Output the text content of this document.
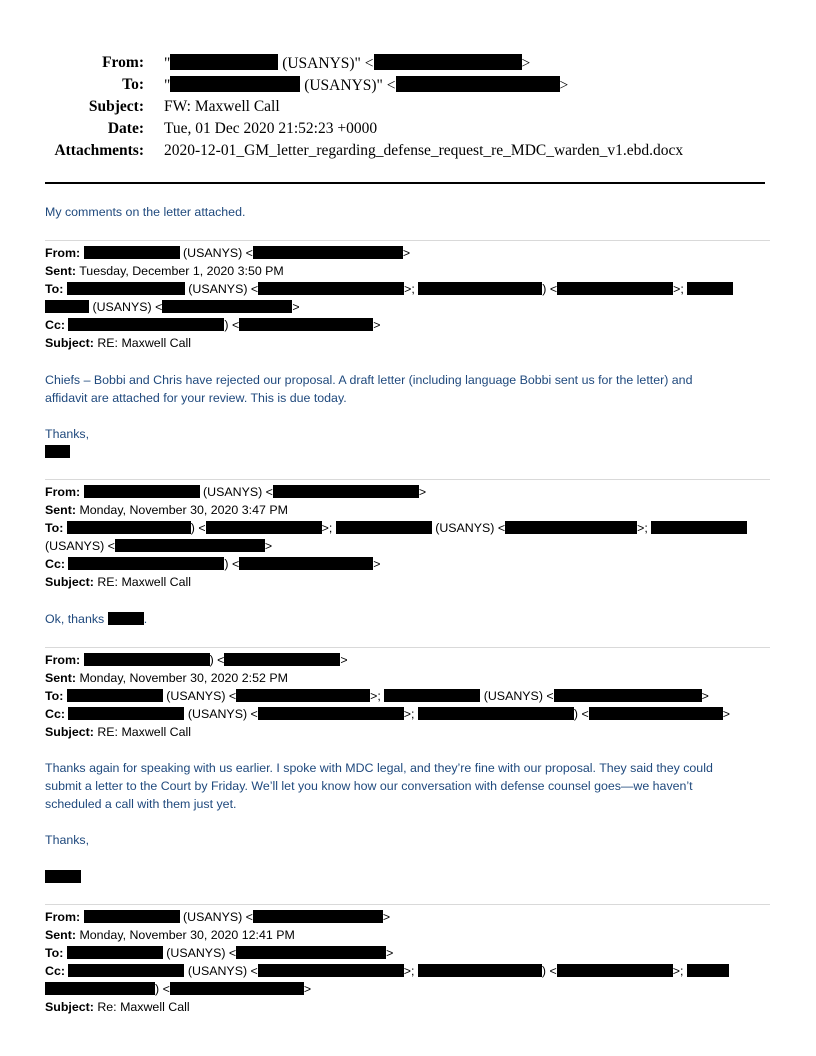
From: "	(USANYS)" <	>
To: "	(USANYS)" <	>
Subject: FW: Maxwell Call
Date: Tue, 01 Dec 2020 21:52:23 +0000
Attachments: 2020-12-01_GM_letter_regarding_defense_request_re_MDC_warden_v1.ebd.docx
My comments on the letter attached.
From:	(USANYS) <	>
Sent: Tuesday, December 1, 2020 3:50 PM
To:	(USANYS) <	>;	) <	>;
(USANYS) <	>
Cc:	) <	>
Subject: RE: Maxwell Call
Chiefs – Bobbi and Chris have rejected our proposal. A draft letter (including language Bobbi sent us for the letter) and
affidavit are attached for your review. This is due today.
Thanks,
From:	(USANYS) <	>
Sent: Monday, November 30, 2020 3:47 PM
To:	) <	>;	(USANYS) <	>;
(USANYS) <	>
Cc:	) <	>
Subject: RE: Maxwell Call
Ok, thanks	.
From:	) <	>
Sent: Monday, November 30, 2020 2:52 PM
To:	(USANYS) <	>;	(USANYS) <	>
Cc:	(USANYS) <	>;	) <	>
Subject: RE: Maxwell Call
Thanks again for speaking with us earlier. I spoke with MDC legal, and they’re fine with our proposal. They said they could
submit a letter to the Court by Friday. We’ll let you know how our conversation with defense counsel goes—we haven’t
scheduled a call with them just yet.
Thanks,
From:	(USANYS) <	>
Sent: Monday, November 30, 2020 12:41 PM
To:	(USANYS) <	>
Cc:	(USANYS) <	>;	) <	>;
) <	>
Subject: Re: Maxwell Call
